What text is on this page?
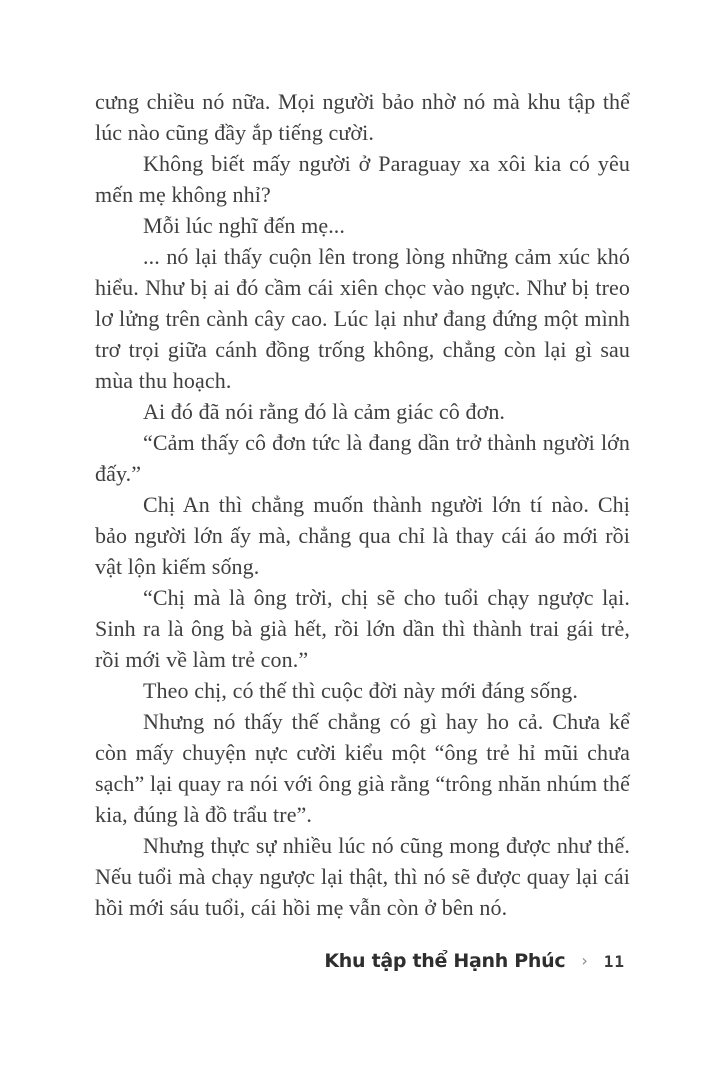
cưng chiều nó nữa. Mọi người bảo nhờ nó mà khu tập thể lúc nào cũng đầy ắp tiếng cười.

Không biết mấy người ở Paraguay xa xôi kia có yêu mến mẹ không nhỉ?

Mỗi lúc nghĩ đến mẹ...

... nó lại thấy cuộn lên trong lòng những cảm xúc khó hiểu. Như bị ai đó cầm cái xiên chọc vào ngực. Như bị treo lơ lửng trên cành cây cao. Lúc lại như đang đứng một mình trơ trọi giữa cánh đồng trống không, chẳng còn lại gì sau mùa thu hoạch.

Ai đó đã nói rằng đó là cảm giác cô đơn.

“Cảm thấy cô đơn tức là đang dần trở thành người lớn đấy.”

Chị An thì chẳng muốn thành người lớn tí nào. Chị bảo người lớn ấy mà, chẳng qua chỉ là thay cái áo mới rồi vật lộn kiếm sống.

“Chị mà là ông trời, chị sẽ cho tuổi chạy ngược lại. Sinh ra là ông bà già hết, rồi lớn dần thì thành trai gái trẻ, rồi mới về làm trẻ con.”

Theo chị, có thế thì cuộc đời này mới đáng sống.

Nhưng nó thấy thế chẳng có gì hay ho cả. Chưa kể còn mấy chuyện nực cười kiểu một “ông trẻ hỉ mũi chưa sạch” lại quay ra nói với ông già rằng “trông nhăn nhúm thế kia, đúng là đồ trẩu tre”.

Nhưng thực sự nhiều lúc nó cũng mong được như thế. Nếu tuổi mà chạy ngược lại thật, thì nó sẽ được quay lại cái hồi mới sáu tuổi, cái hồi mẹ vẫn còn ở bên nó.

Khu tập thể Hạnh Phúc › 11
